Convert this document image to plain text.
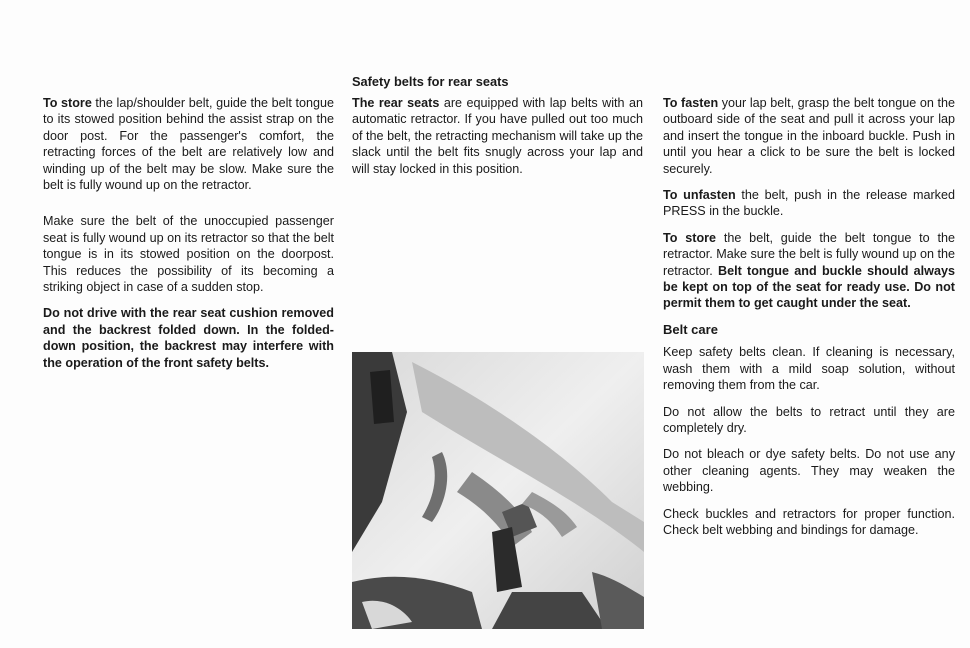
To store the lap/shoulder belt, guide the belt tongue to its stowed position behind the assist strap on the door post. For the passenger's comfort, the retracting forces of the belt are relatively low and winding up of the belt may be slow. Make sure the belt is fully wound up on the retractor.

Make sure the belt of the unoccupied passenger seat is fully wound up on its retractor so that the belt tongue is in its stowed position on the doorpost. This reduces the possibility of its becoming a striking object in case of a sudden stop.

Do not drive with the rear seat cushion removed and the backrest folded down. In the folded-down position, the backrest may interfere with the operation of the front safety belts.

Safety belts for rear seats

The rear seats are equipped with lap belts with an automatic retractor. If you have pulled out too much of the belt, the retracting mechanism will take up the slack until the belt fits snugly across your lap and will stay locked in this position.

To fasten your lap belt, grasp the belt tongue on the outboard side of the seat and pull it across your lap and insert the tongue in the inboard buckle. Push in until you hear a click to be sure the belt is locked securely.

To unfasten the belt, push in the release marked PRESS in the buckle.

To store the belt, guide the belt tongue to the retractor. Make sure the belt is fully wound up on the retractor. Belt tongue and buckle should always be kept on top of the seat for ready use. Do not permit them to get caught under the seat.

Belt care

Keep safety belts clean. If cleaning is necessary, wash them with a mild soap solution, without removing them from the car.

Do not allow the belts to retract until they are completely dry.

Do not bleach or dye safety belts. Do not use any other cleaning agents. They may weaken the webbing.

Check buckles and retractors for proper function. Check belt webbing and bindings for damage.
